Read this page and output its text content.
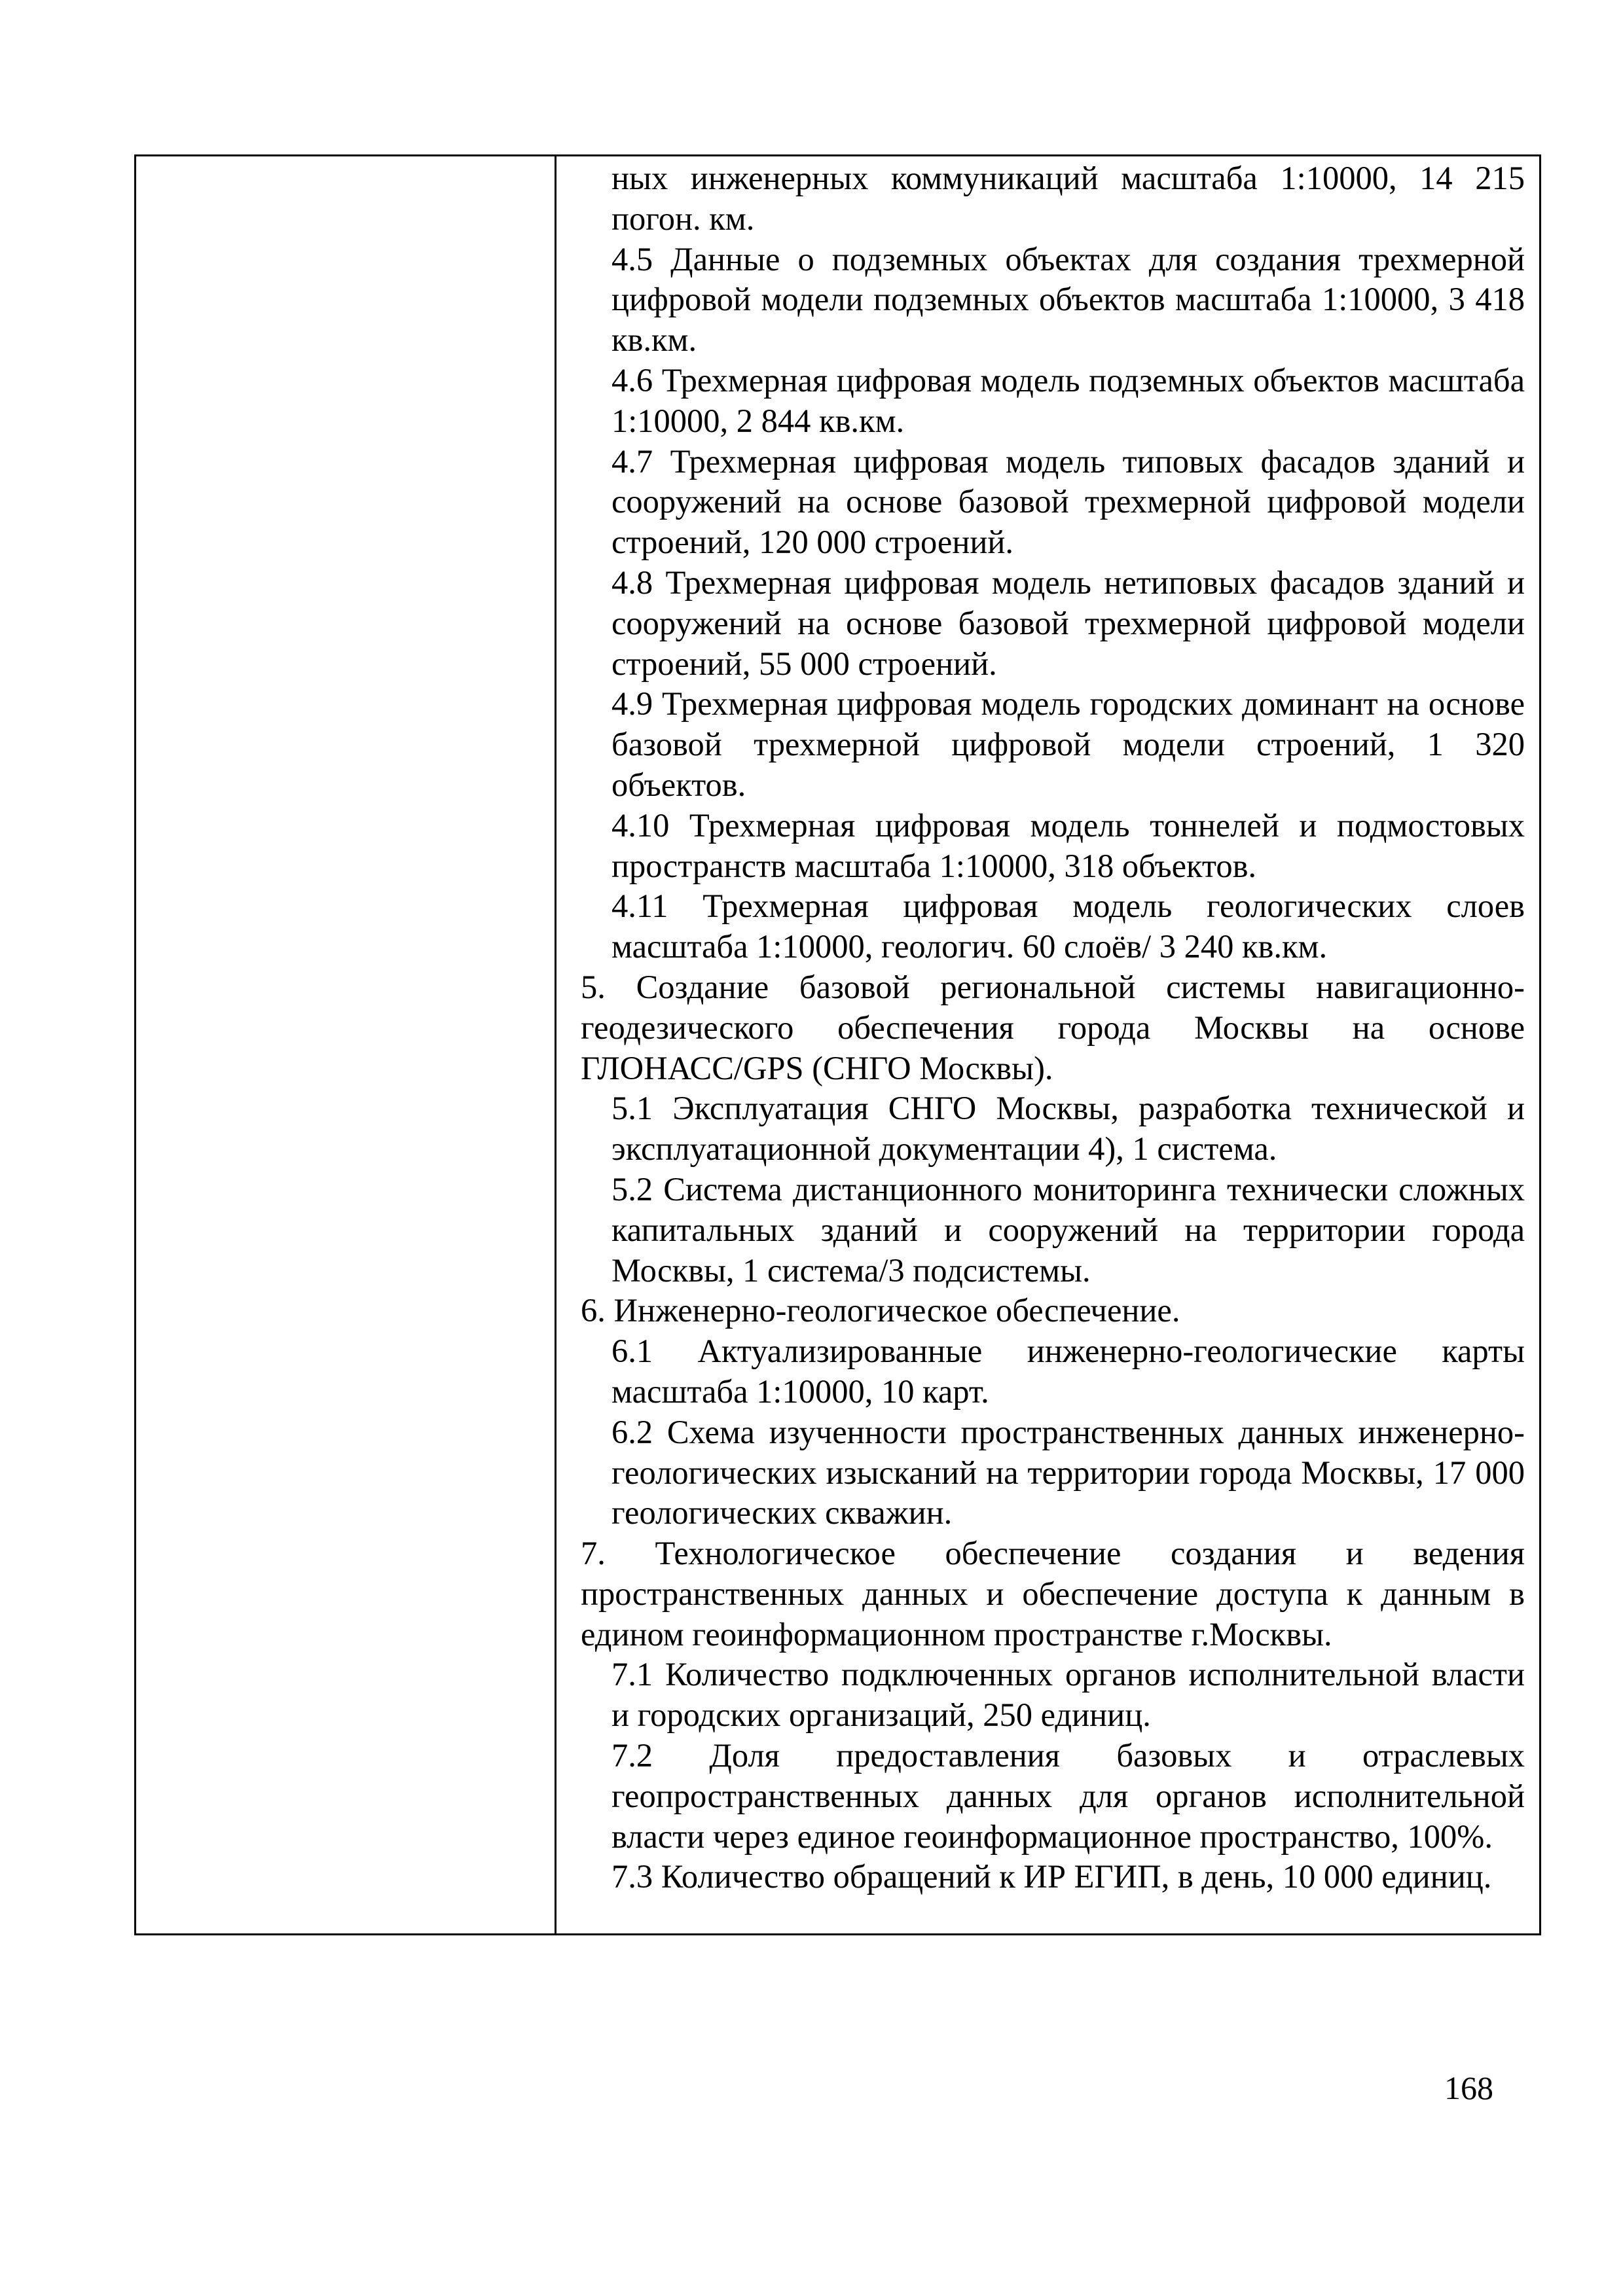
ных инженерных коммуникаций масштаба 1:10000, 14 215 погон. км.

4.5 Данные о подземных объектах для создания трехмерной цифровой модели подземных объектов масштаба 1:10000, 3 418 кв.км.

4.6 Трехмерная цифровая модель подземных объектов масштаба 1:10000, 2 844 кв.км.

4.7 Трехмерная цифровая модель типовых фасадов зданий и сооружений на основе базовой трехмерной цифровой модели строений, 120 000 строений.

4.8 Трехмерная цифровая модель нетиповых фасадов зданий и сооружений на основе базовой трехмерной цифровой модели строений, 55 000 строений.

4.9 Трехмерная цифровая модель городских доминант на основе базовой трехмерной цифровой модели строений, 1 320 объектов.

4.10 Трехмерная цифровая модель тоннелей и подмостовых пространств масштаба 1:10000, 318 объектов.

4.11 Трехмерная цифровая модель геологических слоев масштаба 1:10000, геологич. 60 слоёв/ 3 240 кв.км.

5. Создание базовой региональной системы навигационно-геодезического обеспечения города Москвы на основе ГЛОНАСС/GPS (СНГО Москвы).

5.1 Эксплуатация СНГО Москвы, разработка технической и эксплуатационной документации 4), 1 система.

5.2 Система дистанционного мониторинга технически сложных капитальных зданий и сооружений на территории города Москвы, 1 система/3 подсистемы.

6. Инженерно-геологическое обеспечение.

6.1 Актуализированные инженерно-геологические карты масштаба 1:10000, 10 карт.

6.2 Схема изученности пространственных данных инженерно-геологических изысканий на территории города Москвы, 17 000 геологических скважин.

7. Технологическое обеспечение создания и ведения пространственных данных и обеспечение доступа к данным в едином геоинформационном пространстве г.Москвы.

7.1 Количество подключенных органов исполнительной власти и городских организаций, 250 единиц.

7.2 Доля предоставления базовых и отраслевых геопространственных данных для органов исполнительной власти через единое геоинформационное пространство, 100%.

7.3 Количество обращений к ИР ЕГИП, в день, 10 000 единиц.

168
